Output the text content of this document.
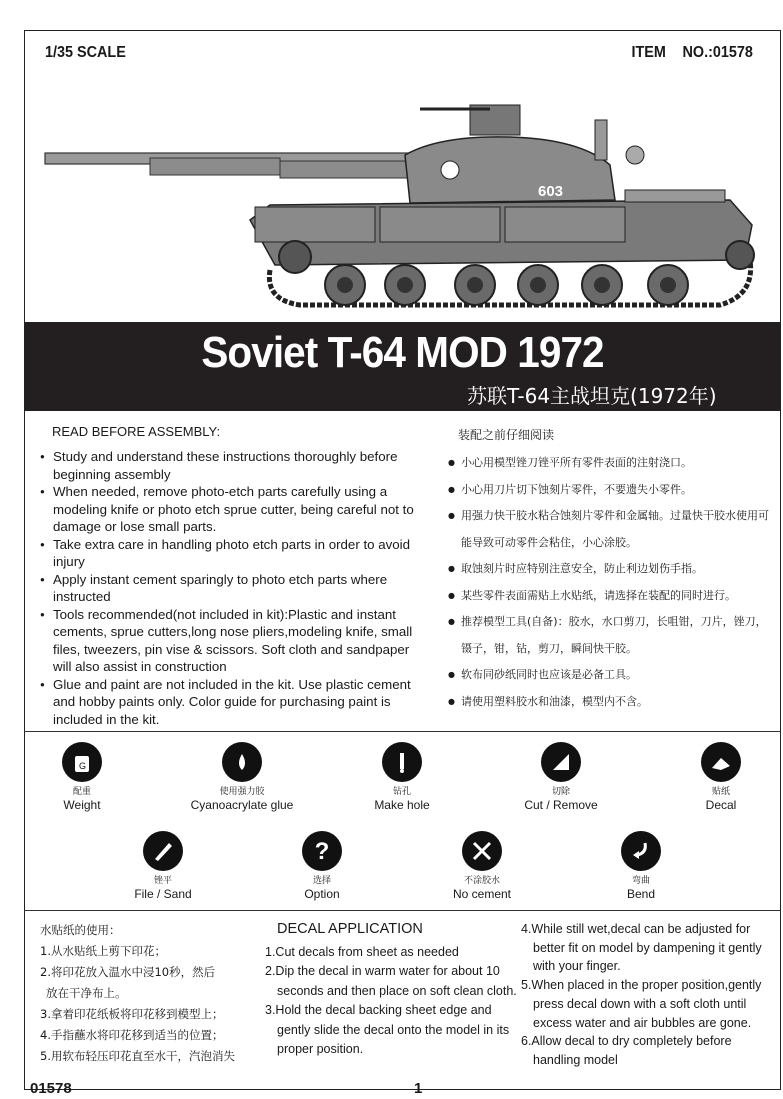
1/35 SCALE	ITEM NO.:01578
603
Soviet T-64 MOD 1972
苏联T-64主战坦克(1972年)
READ BEFORE ASSEMBLY:	装配之前仔细阅读
● Study and understand these instructions thoroughly before beginning assembly
● When needed, remove photo-etch parts carefully using a modeling knife or photo etch sprue cutter, being careful not to damage or lose small parts.
● Take extra care in handling photo etch parts in order to avoid injury
● Apply instant cement sparingly to photo etch parts where instructed
● Tools recommended(not included in kit):Plastic and instant cements, sprue cutters,long nose pliers,modeling knife, small files, tweezers, pin vise & scissors. Soft cloth and sandpaper will also assist in construction
● Glue and paint are not included in the kit. Use plastic cement and hobby paints only. Color guide for purchasing paint is included in the kit.
● 小心用模型锉刀锉平所有零件表面的注射浇口。
● 小心用刀片切下蚀刻片零件，不要遗失小零件。
● 用强力快干胶水粘合蚀刻片零件和金属轴。过量快干胶水使用可能导致可动零件会粘住，小心涂胶。
● 取蚀刻片时应特别注意安全，防止利边划伤手指。
● 某些零件表面需贴上水贴纸，请选择在装配的同时进行。
● 推荐模型工具(自备)：胶水，水口剪刀，长咀钳，刀片，锉刀，镊子，钳，钻，剪刀，瞬间快干胶。
● 软布同砂纸同时也应该是必备工具。
● 请使用塑料胶水和油漆，模型内不含。
G
配重
Weight
使用强力胶
Cyanoacrylate glue
钻孔
Make hole
切除
Cut / Remove
贴纸
Decal
锉平
File / Sand
?
选择
Option
不涂胶水
No cement
弯曲
Bend
水贴纸的使用：
1.从水贴纸上剪下印花；
2.将印花放入温水中浸10秒，然后
放在干净布上。
3.拿着印花纸板将印花移到模型上；
4.手指蘸水将印花移到适当的位置；
5.用软布轻压印花直至水干，汽泡消失
DECAL APPLICATION
1.Cut decals from sheet as needed
2.Dip the decal in warm water for about 10 seconds and then place on soft clean cloth.
3.Hold the decal backing sheet edge and gently slide the decal onto the model in its proper position.
4.While still wet,decal can be adjusted for better fit on model by dampening it gently with your finger.
5.When placed in the proper position,gently press decal down with a soft cloth until excess water and air bubbles are gone.
6.Allow decal to dry completely before handling model
01578	1
